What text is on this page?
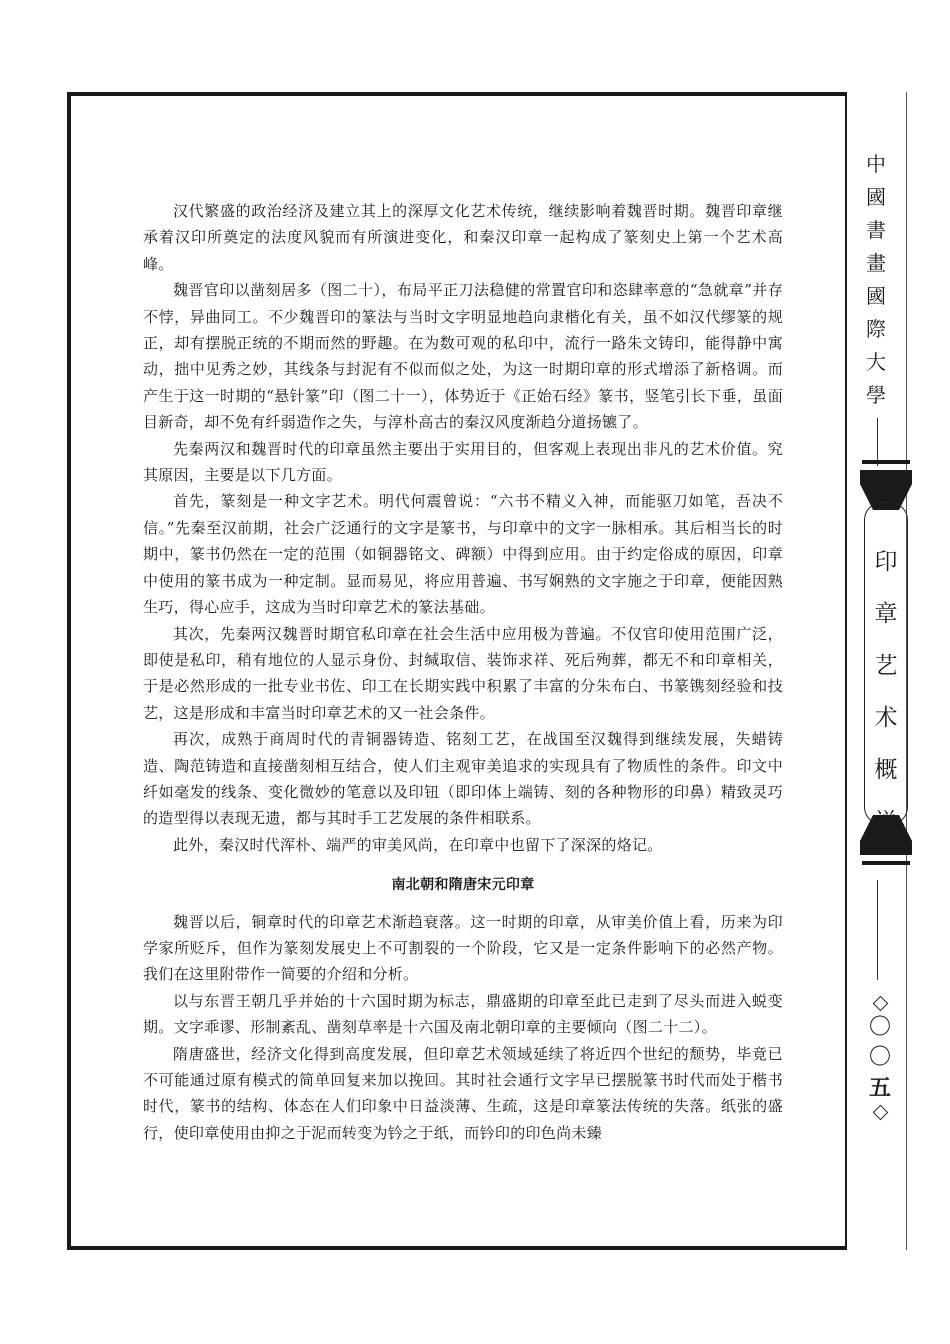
汉代繁盛的政治经济及建立其上的深厚文化艺术传统，继续影响着魏晋时期。魏晋印章继承着汉印所奠定的法度风貌而有所演进变化，和秦汉印章一起构成了篆刻史上第一个艺术高峰。

魏晋官印以凿刻居多（图二十），布局平正刀法稳健的常置官印和恣肆率意的“急就章”并存不悖，异曲同工。不少魏晋印的篆法与当时文字明显地趋向隶楷化有关，虽不如汉代缪篆的规正，却有摆脱正统的不期而然的野趣。在为数可观的私印中，流行一路朱文铸印，能得静中寓动，拙中见秀之妙，其线条与封泥有不似而似之处，为这一时期印章的形式增添了新格调。而产生于这一时期的“悬针篆”印（图二十一），体势近于《正始石经》篆书，竖笔引长下垂，虽面目新奇，却不免有纤弱造作之失，与淳朴高古的秦汉风度渐趋分道扬镳了。

先秦两汉和魏晋时代的印章虽然主要出于实用目的，但客观上表现出非凡的艺术价值。究其原因，主要是以下几方面。

首先，篆刻是一种文字艺术。明代何震曾说：“六书不精义入神，而能驱刀如笔，吾决不信。”先秦至汉前期，社会广泛通行的文字是篆书，与印章中的文字一脉相承。其后相当长的时期中，篆书仍然在一定的范围（如铜器铭文、碑额）中得到应用。由于约定俗成的原因，印章中使用的篆书成为一种定制。显而易见，将应用普遍、书写娴熟的文字施之于印章，便能因熟生巧，得心应手，这成为当时印章艺术的篆法基础。

其次，先秦两汉魏晋时期官私印章在社会生活中应用极为普遍。不仅官印使用范围广泛，即使是私印，稍有地位的人显示身份、封缄取信、装饰求祥、死后殉葬，都无不和印章相关，于是必然形成的一批专业书佐、印工在长期实践中积累了丰富的分朱布白、书篆镌刻经验和技艺，这是形成和丰富当时印章艺术的又一社会条件。

再次，成熟于商周时代的青铜器铸造、铭刻工艺，在战国至汉魏得到继续发展，失蜡铸造、陶范铸造和直接凿刻相互结合，使人们主观审美追求的实现具有了物质性的条件。印文中纤如毫发的线条、变化微妙的笔意以及印钮（即印体上端铸、刻的各种物形的印鼻）精致灵巧的造型得以表现无遗，都与其时手工艺发展的条件相联系。

此外，秦汉时代浑朴、端严的审美风尚，在印章中也留下了深深的烙记。

南北朝和隋唐宋元印章

魏晋以后，铜章时代的印章艺术渐趋衰落。这一时期的印章，从审美价值上看，历来为印学家所贬斥，但作为篆刻发展史上不可割裂的一个阶段，它又是一定条件影响下的必然产物。我们在这里附带作一简要的介绍和分析。

以与东晋王朝几乎并始的十六国时期为标志，鼎盛期的印章至此已走到了尽头而进入蜕变期。文字乖谬、形制紊乱、凿刻草率是十六国及南北朝印章的主要倾向（图二十二）。

隋唐盛世，经济文化得到高度发展，但印章艺术领域延续了将近四个世纪的颓势，毕竟已不可能通过原有模式的简单回复来加以挽回。其时社会通行文字早已摆脱篆书时代而处于楷书时代，篆书的结构、体态在人们印象中日益淡薄、生疏，这是印章篆法传统的失落。纸张的盛行，使印章使用由抑之于泥而转变为钤之于纸，而钤印的印色尚未臻

中
國
書
畫
國
際
大
學
印
章
艺
术
概
说
〇
〇
五
